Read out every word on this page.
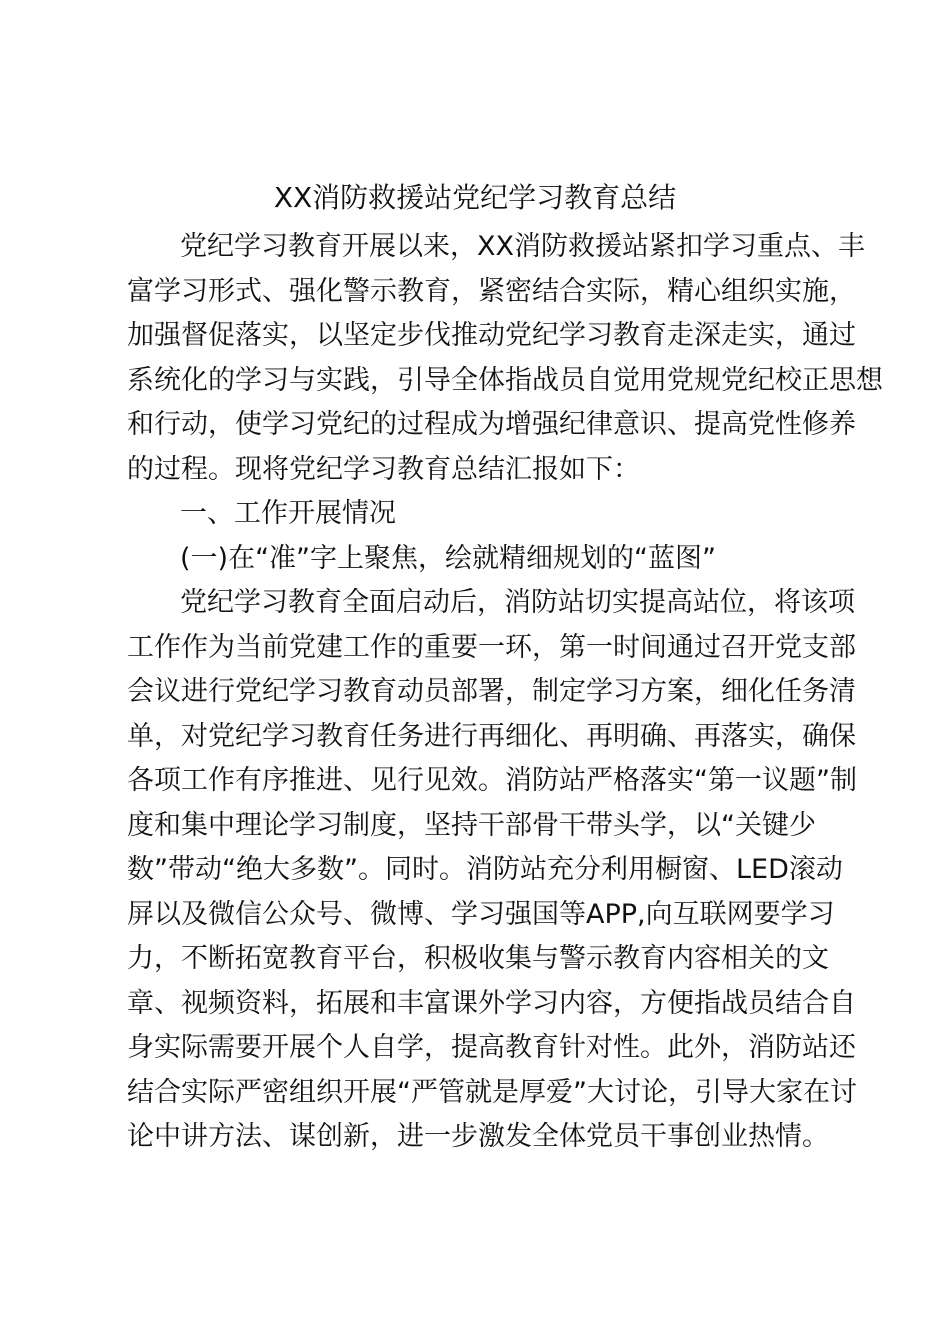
XX消防救援站党纪学习教育总结
党纪学习教育开展以来，XX消防救援站紧扣学习重点、丰
富学习形式、强化警示教育，紧密结合实际，精心组织实施，
加强督促落实，以坚定步伐推动党纪学习教育走深走实，通过
系统化的学习与实践，引导全体指战员自觉用党规党纪校正思想
和行动，使学习党纪的过程成为增强纪律意识、提高党性修养
的过程。现将党纪学习教育总结汇报如下：
一、工作开展情况
(一)在“准”字上聚焦，绘就精细规划的“蓝图”
党纪学习教育全面启动后，消防站切实提高站位，将该项
工作作为当前党建工作的重要一环，第一时间通过召开党支部
会议进行党纪学习教育动员部署，制定学习方案，细化任务清
单，对党纪学习教育任务进行再细化、再明确、再落实，确保
各项工作有序推进、见行见效。消防站严格落实“第一议题”制
度和集中理论学习制度，坚持干部骨干带头学，以“关键少
数”带动“绝大多数”。同时。消防站充分利用橱窗、LED滚动
屏以及微信公众号、微博、学习强国等APP,向互联网要学习
力，不断拓宽教育平台，积极收集与警示教育内容相关的文
章、视频资料，拓展和丰富课外学习内容，方便指战员结合自
身实际需要开展个人自学，提高教育针对性。此外，消防站还
结合实际严密组织开展“严管就是厚爱”大讨论，引导大家在讨
论中讲方法、谋创新，进一步激发全体党员干事创业热情。
